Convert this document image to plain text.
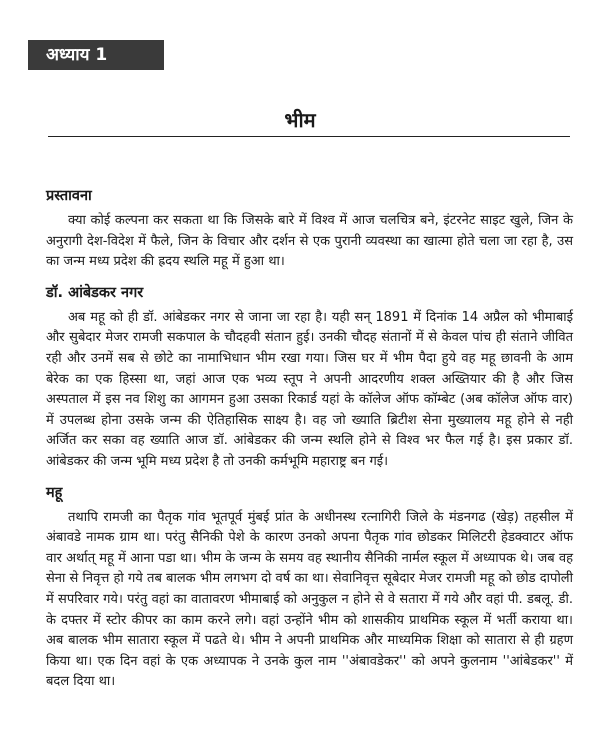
अध्याय 1
भीम
प्रस्तावना

क्या कोई कल्पना कर सकता था कि जिसके बारे में विश्व में आज चलचित्र बने, इंटरनेट साइट खुले, जिन के अनुरागी देश-विदेश में फैले, जिन के विचार और दर्शन से एक पुरानी व्यवस्था का खात्मा होते चला जा रहा है, उस का जन्म मध्य प्रदेश की ह्रदय स्थलि महू में हुआ था।

डॉ. आंबेडकर नगर

अब महू को ही डॉ. आंबेडकर नगर से जाना जा रहा है। यही सन् 1891 में दिनांक 14 अप्रैल को भीमाबाई और सुबेदार मेजर रामजी सकपाल के चौदहवी संतान हुई। उनकी चौदह संतानों में से केवल पांच ही संताने जीवित रही और उनमें सब से छोटे का नामाभिधान भीम रखा गया। जिस घर में भीम पैदा हुये वह महू छावनी के आम बेरेक का एक हिस्सा था, जहां आज एक भव्य स्तूप ने अपनी आदरणीय शक्ल अख्तियार की है और जिस अस्पताल में इस नव शिशु का आगमन हुआ उसका रिकार्ड यहां के कॉलेज ऑफ कॉम्बेट (अब कॉलेज ऑफ वार) में उपलब्ध होना उसके जन्म की ऐतिहासिक साक्ष्य है। वह जो ख्याति ब्रिटीश सेना मुख्यालय महू होने से नही अर्जित कर सका वह ख्याति आज डॉ. आंबेडकर की जन्म स्थलि होने से विश्व भर फैल गई है। इस प्रकार डॉ. आंबेडकर की जन्म भूमि मध्य प्रदेश है तो उनकी कर्मभूमि महाराष्ट्र बन गई।

महू

तथापि रामजी का पैतृक गांव भूतपूर्व मुंबई प्रांत के अधीनस्थ रत्नागिरी जिले के मंडनगढ (खेड़) तहसील में अंबावडे नामक ग्राम था। परंतु सैनिकी पेशे के कारण उनको अपना पैतृक गांव छोडकर मिलिटरी हेडक्वाटर ऑफ वार अर्थात् महू में आना पडा था। भीम के जन्म के समय वह स्थानीय सैनिकी नार्मल स्कूल में अध्यापक थे। जब वह सेना से निवृत्त हो गये तब बालक भीम लगभग दो वर्ष का था। सेवानिवृत्त सूबेदार मेजर रामजी महू को छोड दापोली में सपरिवार गये। परंतु वहां का वातावरण भीमाबाई को अनुकुल न होने से वे सतारा में गये और वहां पी. डबलू. डी. के दफ्तर में स्टोर कीपर का काम करने लगे। वहां उन्होंने भीम को शासकीय प्राथमिक स्कूल में भर्ती कराया था। अब बालक भीम सातारा स्कूल में पढते थे। भीम ने अपनी प्राथमिक और माध्यमिक शिक्षा को सातारा से ही ग्रहण किया था। एक दिन वहां के एक अध्यापक ने उनके कुल नाम ''अंबावडेकर'' को अपने कुलनाम ''आंबेडकर'' में बदल दिया था।
